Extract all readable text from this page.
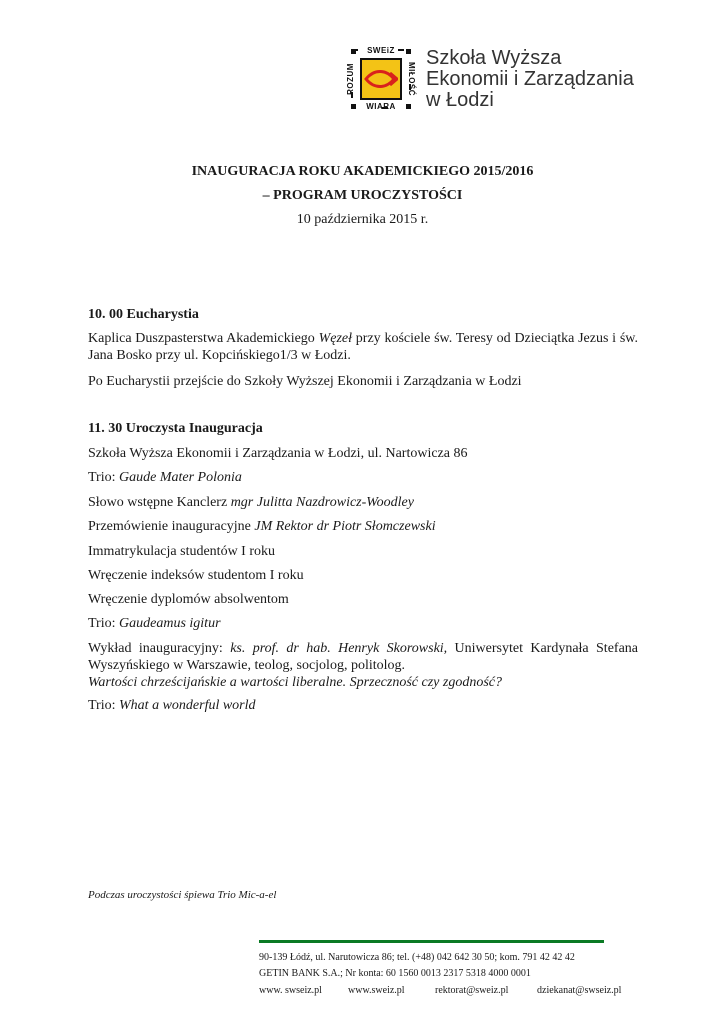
SWEiZ
WIARA
ROZUM	MIŁOŚĆ
Szkoła Wyższa
Ekonomii i Zarządzania
w Łodzi
INAUGURACJA ROKU AKADEMICKIEGO 2015/2016
– PROGRAM UROCZYSTOŚCI
10 października 2015 r.
10. 00 Eucharystia
Kaplica Duszpasterstwa Akademickiego Węzeł przy kościele św. Teresy od Dzieciątka Jezus i św. Jana Bosko przy ul. Kopcińskiego1/3 w Łodzi.
Po Eucharystii przejście do Szkoły Wyższej Ekonomii i Zarządzania w Łodzi
11. 30 Uroczysta Inauguracja
Szkoła Wyższa Ekonomii i Zarządzania w Łodzi, ul. Nartowicza 86
Trio: Gaude Mater Polonia
Słowo wstępne Kanclerz mgr Julitta Nazdrowicz-Woodley
Przemówienie inauguracyjne JM Rektor dr Piotr Słomczewski
Immatrykulacja studentów I roku
Wręczenie indeksów studentom I roku
Wręczenie dyplomów absolwentom
Trio: Gaudeamus igitur
Wykład inauguracyjny: ks. prof. dr hab. Henryk Skorowski, Uniwersytet Kardynała Stefana Wyszyńskiego w Warszawie, teolog, socjolog, politolog.
Wartości chrześcijańskie a wartości liberalne. Sprzeczność czy zgodność?
Trio: What a wonderful world
Podczas uroczystości śpiewa Trio Mic-a-el
90-139 Łódź, ul. Narutowicza 86; tel. (+48) 042 642 30 50; kom. 791 42 42 42
GETIN BANK S.A.; Nr konta: 60 1560 0013 2317 5318 4000 0001
www. swseiz.pl	www.sweiz.pl	rektorat@sweiz.pl	dziekanat@swseiz.pl
